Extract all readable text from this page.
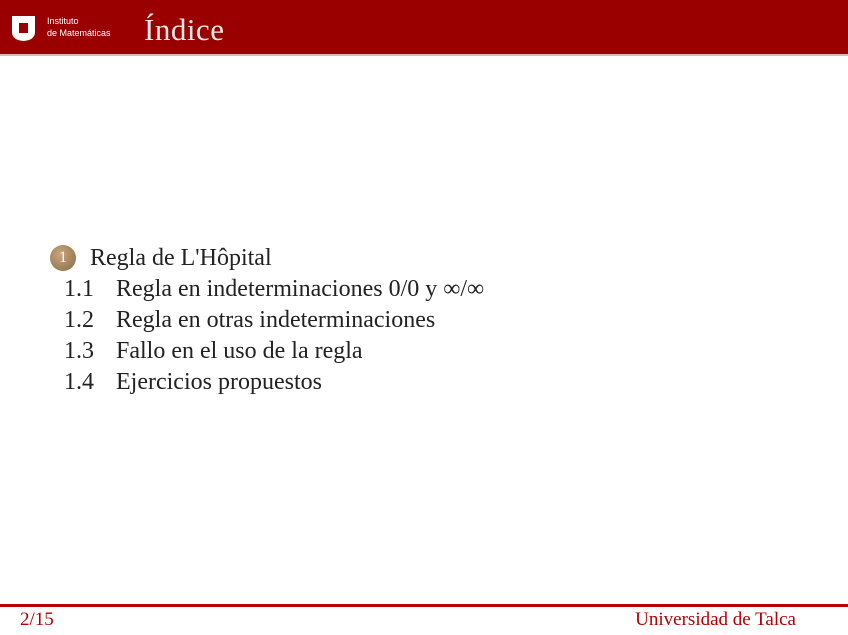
Instituto
de Matemáticas Índice
1 Regla de L'Hôpital
1.1 Regla en indeterminaciones 0/0 y ∞/∞
1.2 Regla en otras indeterminaciones
1.3 Fallo en el uso de la regla
1.4 Ejercicios propuestos
2/15	Universidad de Talca
